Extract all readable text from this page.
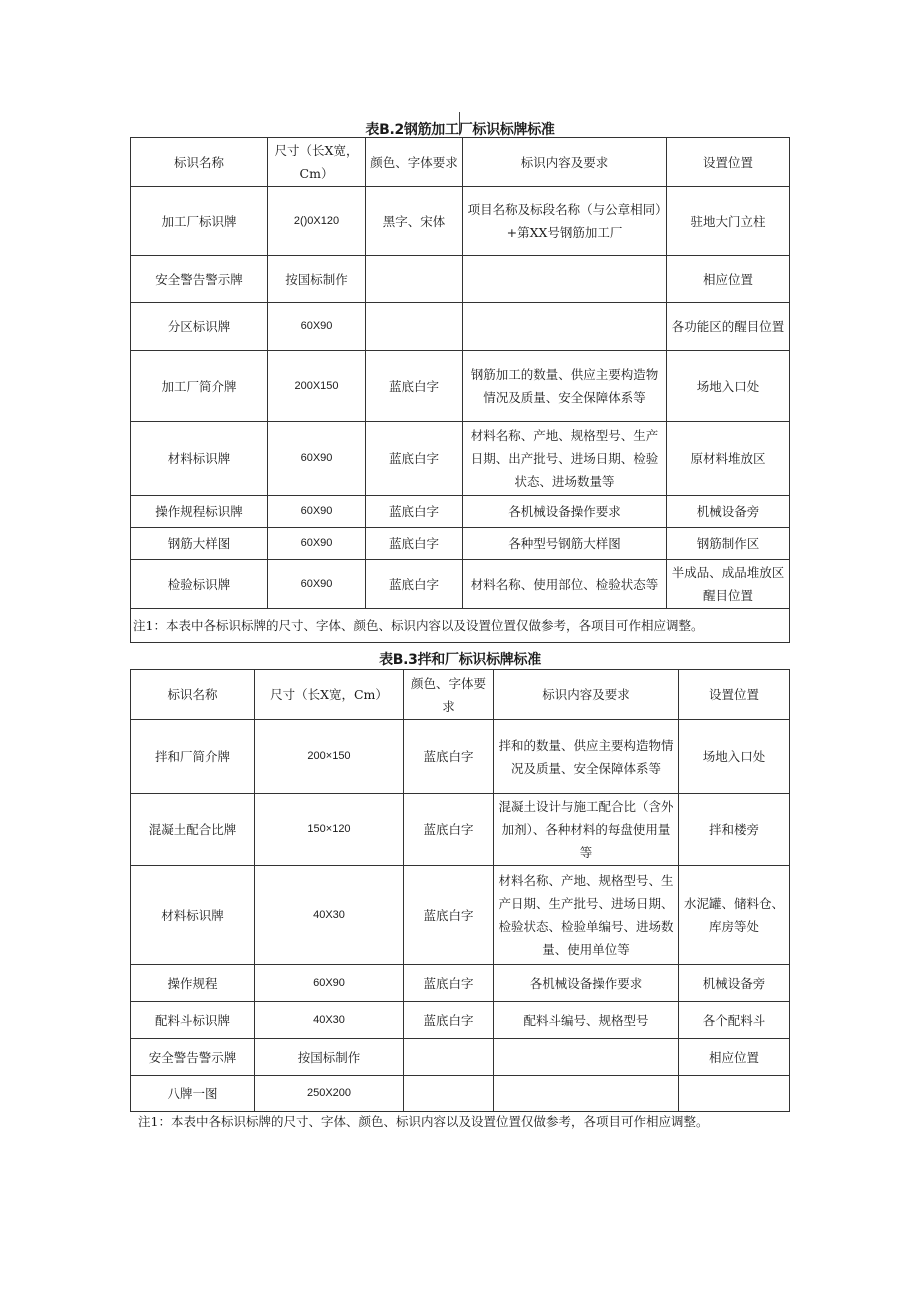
表B.2钢筋加工厂标识标牌标准
标识名称	尺寸（长X宽，Cm）	颜色、字体要求	标识内容及要求	设置位置
加工厂标识牌	2()0X120	黑字、宋体	项目名称及标段名称（与公章相同）+第XX号钢筋加工厂	驻地大门立柱
安全警告警示牌	按国标制作			相应位置
分区标识牌	60X90			各功能区的醒目位置
加工厂简介牌	200X150	蓝底白字	钢筋加工的数量、供应主要构造物情况及质量、安全保障体系等	场地入口处
材料标识牌	60X90	蓝底白字	材料名称、产地、规格型号、生产日期、出产批号、进场日期、检验状态、进场数量等	原材料堆放区
操作规程标识牌	60X90	蓝底白字	各机械设备操作要求	机械设备旁
钢筋大样图	60X90	蓝底白字	各种型号钢筋大样图	钢筋制作区
检验标识牌	60X90	蓝底白字	材料名称、使用部位、检验状态等	半成品、成品堆放区醒目位置
注1：本表中各标识标牌的尺寸、字体、颜色、标识内容以及设置位置仅做参考，各项目可作相应调整。				
表B.3拌和厂标识标牌标准
标识名称	尺寸（长X宽，Cm）	颜色、字体要求	标识内容及要求	设置位置
拌和厂简介牌	200×150	蓝底白字	拌和的数量、供应主要构造物情况及质量、安全保障体系等	场地入口处
混凝土配合比牌	150×120	蓝底白字	混凝土设计与施工配合比（含外加剂）、各种材料的每盘使用量等	拌和楼旁
材料标识牌	40X30	蓝底白字	材料名称、产地、规格型号、生产日期、生产批号、进场日期、检验状态、检验单编号、进场数量、使用单位等	水泥罐、储料仓、库房等处
操作规程	60X90	蓝底白字	各机械设备操作要求	机械设备旁
配料斗标识牌	40X30	蓝底白字	配料斗编号、规格型号	各个配料斗
安全警告警示牌	按国标制作			相应位置
八牌一图	250X200			
注1：本表中各标识标牌的尺寸、字体、颜色、标识内容以及设置位置仅做参考，各项目可作相应调整。
